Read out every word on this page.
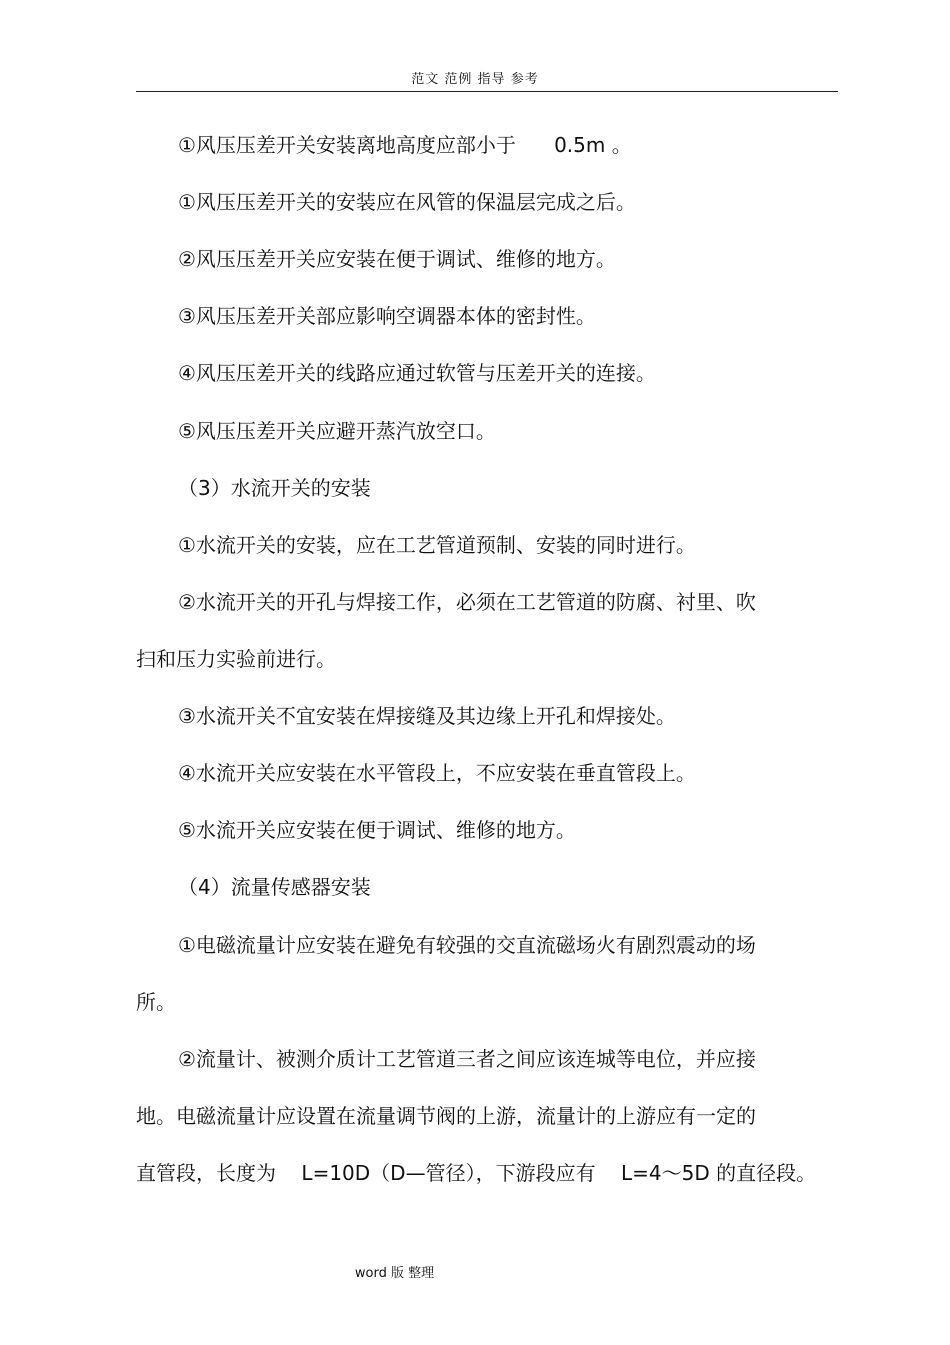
范文 范例 指导 参考
①风压压差开关安装离地高度应部小于      0.5m 。
①风压压差开关的安装应在风管的保温层完成之后。
②风压压差开关应安装在便于调试、维修的地方。
③风压压差开关部应影响空调器本体的密封性。
④风压压差开关的线路应通过软管与压差开关的连接。
⑤风压压差开关应避开蒸汽放空口。
（3）水流开关的安装
①水流开关的安装，应在工艺管道预制、安装的同时进行。
②水流开关的开孔与焊接工作，必须在工艺管道的防腐、衬里、吹
扫和压力实验前进行。
③水流开关不宜安装在焊接缝及其边缘上开孔和焊接处。
④水流开关应安装在水平管段上，不应安装在垂直管段上。
⑤水流开关应安装在便于调试、维修的地方。
（4）流量传感器安装
①电磁流量计应安装在避免有较强的交直流磁场火有剧烈震动的场
所。
②流量计、被测介质计工艺管道三者之间应该连城等电位，并应接
地。电磁流量计应设置在流量调节阀的上游，流量计的上游应有一定的
直管段，长度为    L=10D（D—管径），下游段应有    L=4～5D 的直径段。
word 版 整理
